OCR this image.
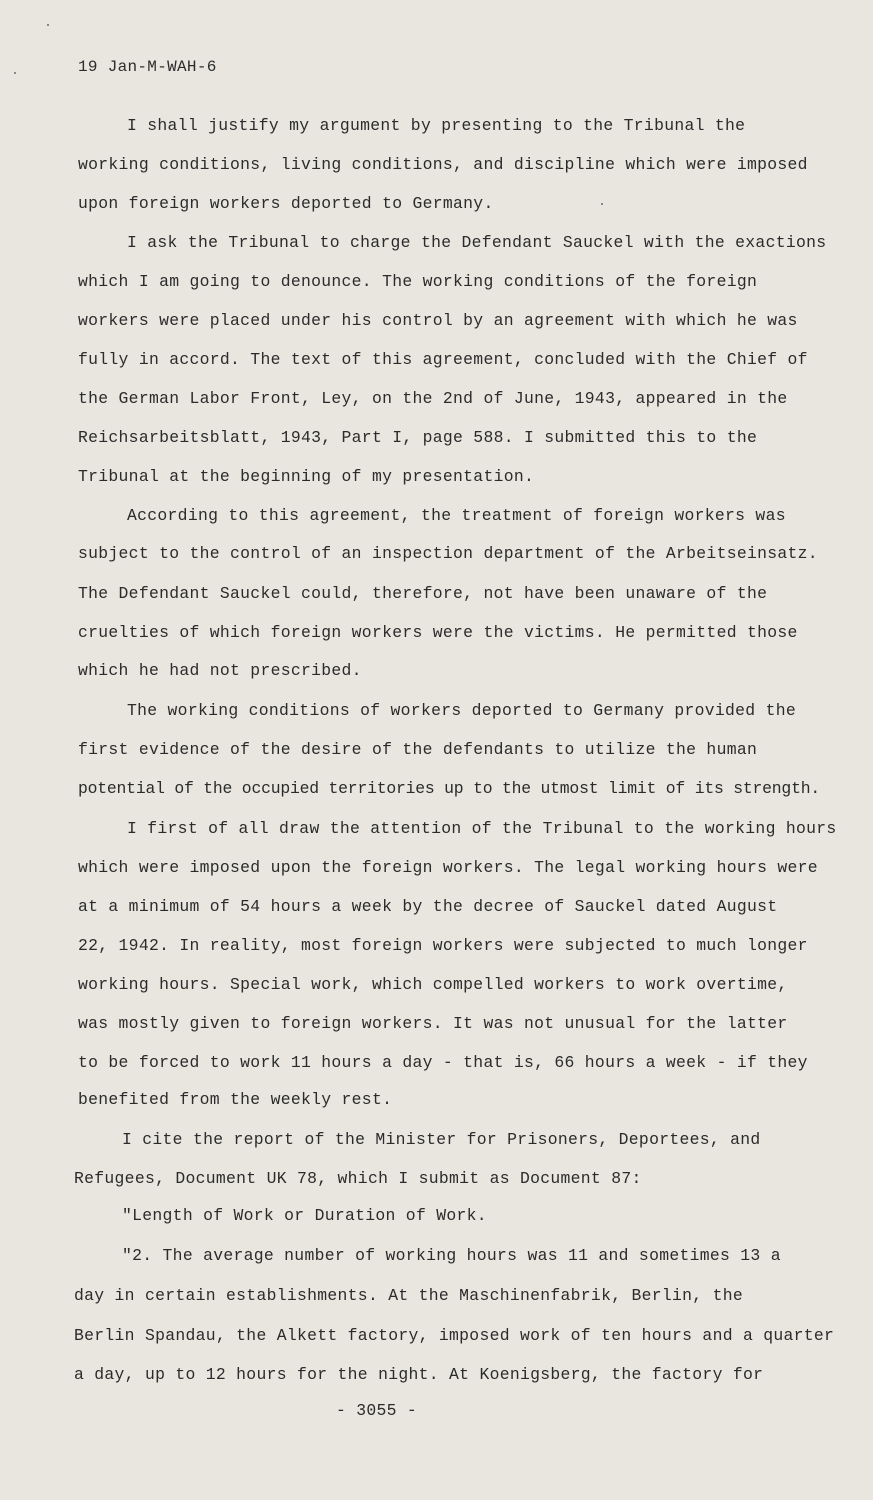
19 Jan-M-WAH-6
I shall justify my argument by presenting to the Tribunal the
working conditions, living conditions, and discipline which were imposed
upon foreign workers deported to Germany.
I ask the Tribunal to charge the Defendant Sauckel with the exactions
which I am going to denounce. The working conditions of the foreign
workers were placed under his control by an agreement with which he was
fully in accord. The text of this agreement, concluded with the Chief of
the German Labor Front, Ley, on the 2nd of June, 1943, appeared in the
Reichsarbeitsblatt, 1943, Part I, page 588. I submitted this to the
Tribunal at the beginning of my presentation.
According to this agreement, the treatment of foreign workers was
subject to the control of an inspection department of the Arbeitseinsatz.
The Defendant Sauckel could, therefore, not have been unaware of the
cruelties of which foreign workers were the victims. He permitted those
which he had not prescribed.
The working conditions of workers deported to Germany provided the
first evidence of the desire of the defendants to utilize the human
potential of the occupied territories up to the utmost limit of its strength.
I first of all draw the attention of the Tribunal to the working hours
which were imposed upon the foreign workers. The legal working hours were
at a minimum of 54 hours a week by the decree of Sauckel dated August
22, 1942. In reality, most foreign workers were subjected to much longer
working hours. Special work, which compelled workers to work overtime,
was mostly given to foreign workers. It was not unusual for the latter
to be forced to work 11 hours a day - that is, 66 hours a week - if they
benefited from the weekly rest.
I cite the report of the Minister for Prisoners, Deportees, and
Refugees, Document UK 78, which I submit as Document 87:
"Length of Work or Duration of Work.
"2. The average number of working hours was 11 and sometimes 13 a
day in certain establishments. At the Maschinenfabrik, Berlin, the
Berlin Spandau, the Alkett factory, imposed work of ten hours and a quarter
a day, up to 12 hours for the night. At Koenigsberg, the factory for
- 3055 -
